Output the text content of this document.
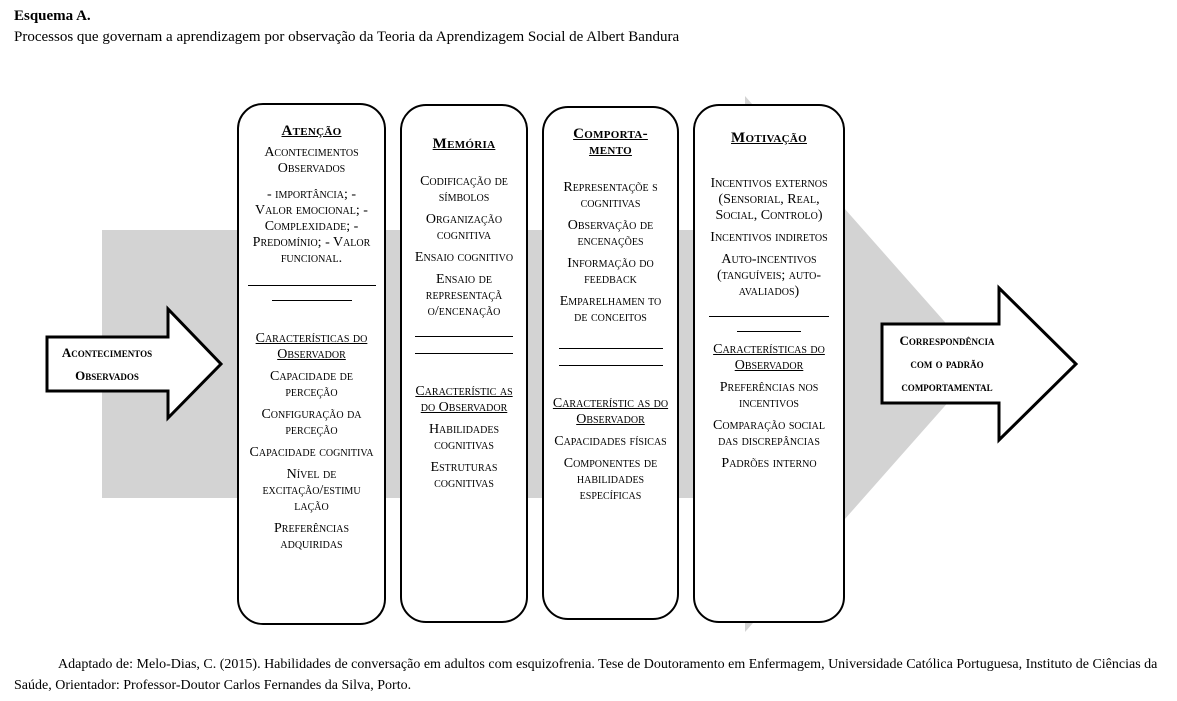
Esquema A.
Processos que governam a aprendizagem por observação da Teoria da Aprendizagem Social de Albert Bandura
Acontecimentos
Observados
Correspondência
com o padrão
comportamental
Atenção
Acontecimentos Observados
- importância; - Valor emocional; - Complexidade; - Predomínio; - Valor funcional.
Características do Observador
Capacidade de perceção
Configuração da perceção
Capacidade cognitiva
Nível de excitação/estimu lação
Preferências adquiridas
Memória
Codificação de símbolos
Organização cognitiva
Ensaio cognitivo
Ensaio de representaçã o/encenação
Característic as do Observador
Habilidades cognitivas
Estruturas cognitivas
Comporta- mento
Representaçõe s cognitivas
Observação de encenações
Informação do feedback
Emparelhamen to de conceitos
Característic as do Observador
Capacidades físicas
Componentes de habilidades específicas
Motivação
Incentivos externos (Sensorial, Real, Social, Controlo)
Incentivos indiretos
Auto-incentivos (tanguíveis; auto-avaliados)
Características do Observador
Preferências nos incentivos
Comparação social das discrepâncias
Padrões interno
Adaptado de: Melo-Dias, C. (2015). Habilidades de conversação em adultos com esquizofrenia. Tese de Doutoramento em Enfermagem, Universidade Católica Portuguesa, Instituto de Ciências da Saúde, Orientador: Professor-Doutor Carlos Fernandes da Silva, Porto.
